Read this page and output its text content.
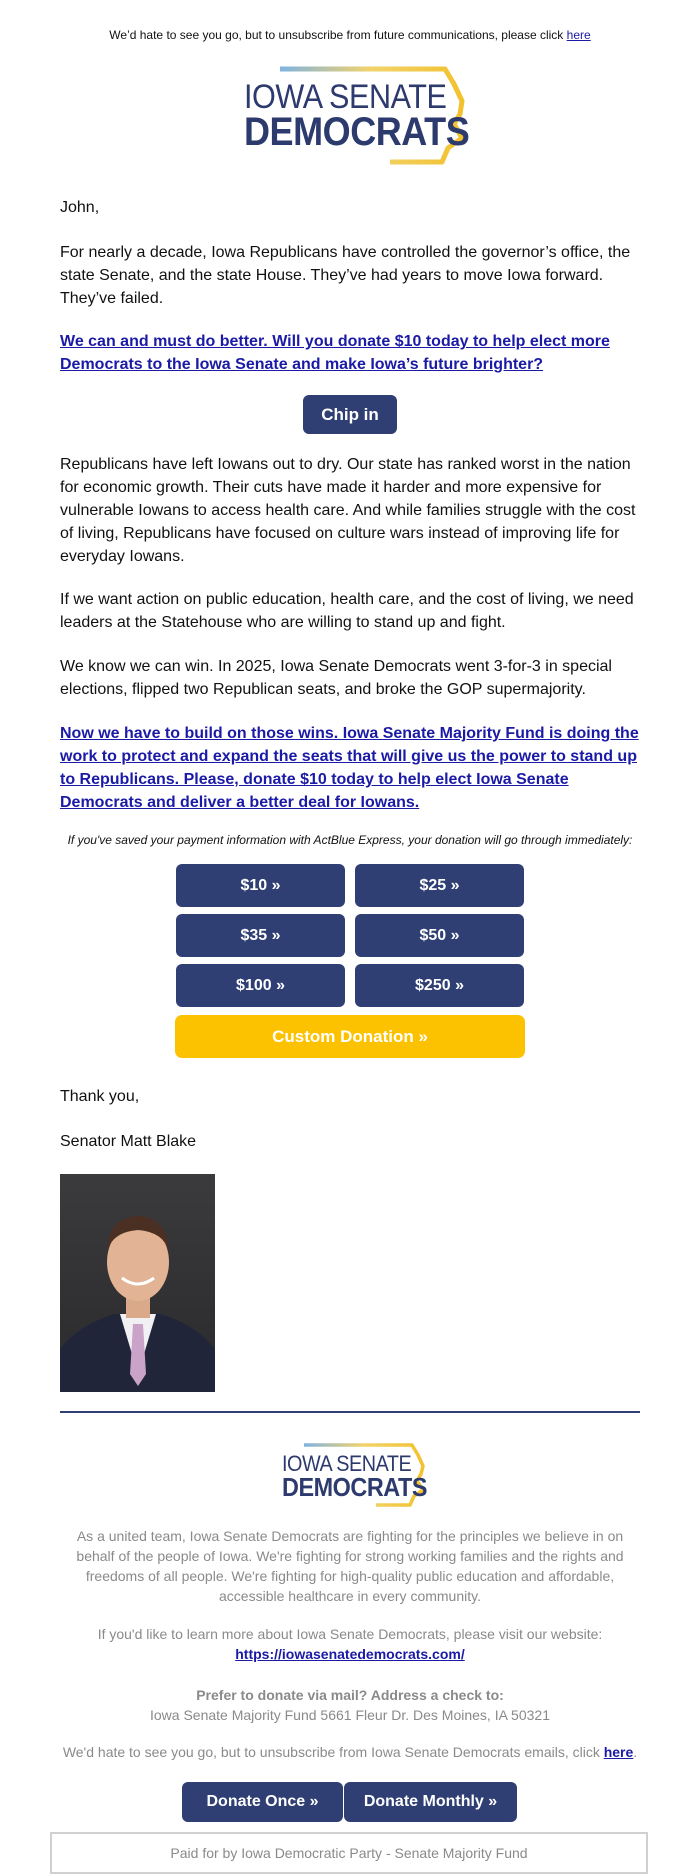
We’d hate to see you go, but to unsubscribe from future communications, please click here
IOWA SENATE
DEMOCRATS

John,

For nearly a decade, Iowa Republicans have controlled the governor’s office, the state Senate, and the state House. They’ve had years to move Iowa forward. They’ve failed.

We can and must do better. Will you donate $10 today to help elect more Democrats to the Iowa Senate and make Iowa’s future brighter?
Chip in

Republicans have left Iowans out to dry. Our state has ranked worst in the nation for economic growth. Their cuts have made it harder and more expensive for vulnerable Iowans to access health care. And while families struggle with the cost of living, Republicans have focused on culture wars instead of improving life for everyday Iowans.

If we want action on public education, health care, and the cost of living, we need leaders at the Statehouse who are willing to stand up and fight.

We know we can win. In 2025, Iowa Senate Democrats went 3-for-3 in special elections, flipped two Republican seats, and broke the GOP supermajority.

Now we have to build on those wins. Iowa Senate Majority Fund is doing the work to protect and expand the seats that will give us the power to stand up to Republicans. Please, donate $10 today to help elect Iowa Senate Democrats and deliver a better deal for Iowans.
If you've saved your payment information with ActBlue Express, your donation will go through immediately:
$10 »	$25 »
$35 »	$50 »
$100 »	$250 »
Custom Donation »

Thank you,

Senator Matt Blake

IOWA SENATE
DEMOCRATS

As a united team, Iowa Senate Democrats are fighting for the principles we believe in on behalf of the people of Iowa. We're fighting for strong working families and the rights and freedoms of all people. We're fighting for high-quality public education and affordable, accessible healthcare in every community.

If you'd like to learn more about Iowa Senate Democrats, please visit our website:
https://iowasenatedemocrats.com/

Prefer to donate via mail? Address a check to:
Iowa Senate Majority Fund 5661 Fleur Dr. Des Moines, IA 50321

We'd hate to see you go, but to unsubscribe from Iowa Senate Democrats emails, click here.

Donate Once »	Donate Monthly »
Paid for by Iowa Democratic Party - Senate Majority Fund
